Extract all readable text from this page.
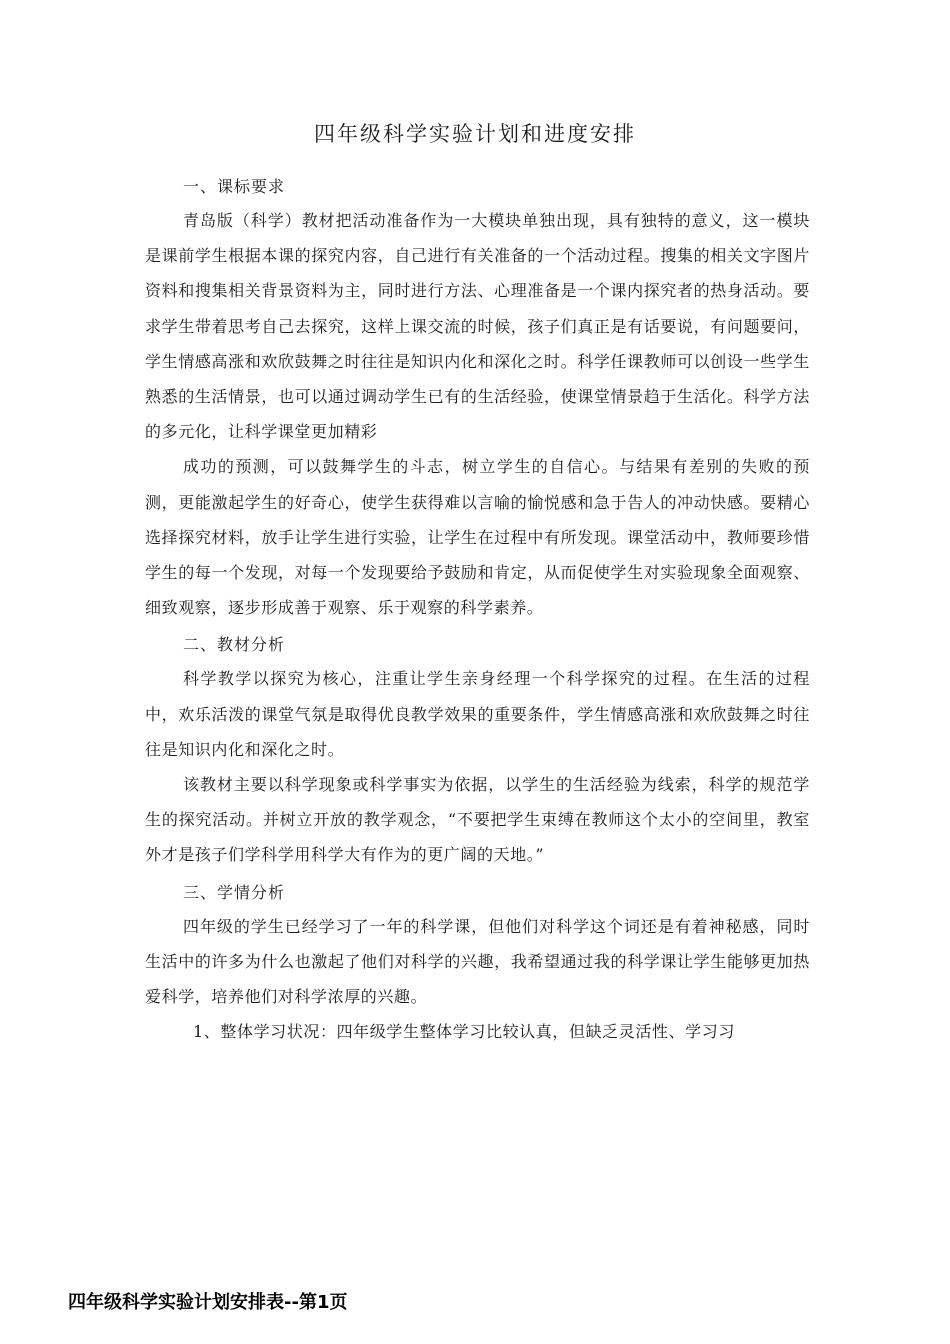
四年级科学实验计划和进度安排

一、课标要求

青岛版（科学）教材把活动准备作为一大模块单独出现，具有独特的意义，这一模块是课前学生根据本课的探究内容，自己进行有关准备的一个活动过程。搜集的相关文字图片资料和搜集相关背景资料为主，同时进行方法、心理准备是一个课内探究者的热身活动。要求学生带着思考自己去探究，这样上课交流的时候，孩子们真正是有话要说，有问题要问，学生情感高涨和欢欣鼓舞之时往往是知识内化和深化之时。科学任课教师可以创设一些学生熟悉的生活情景，也可以通过调动学生已有的生活经验，使课堂情景趋于生活化。科学方法的多元化，让科学课堂更加精彩

成功的预测，可以鼓舞学生的斗志，树立学生的自信心。与结果有差别的失败的预测，更能激起学生的好奇心，使学生获得难以言喻的愉悦感和急于告人的冲动快感。要精心选择探究材料，放手让学生进行实验，让学生在过程中有所发现。课堂活动中，教师要珍惜学生的每一个发现，对每一个发现要给予鼓励和肯定，从而促使学生对实验现象全面观察、细致观察，逐步形成善于观察、乐于观察的科学素养。

二、教材分析

科学教学以探究为核心，注重让学生亲身经理一个科学探究的过程。在生活的过程中，欢乐活泼的课堂气氛是取得优良教学效果的重要条件，学生情感高涨和欢欣鼓舞之时往往是知识内化和深化之时。

该教材主要以科学现象或科学事实为依据，以学生的生活经验为线索，科学的规范学生的探究活动。并树立开放的教学观念，“不要把学生束缚在教师这个太小的空间里，教室外才是孩子们学科学用科学大有作为的更广阔的天地。”

三、学情分析

四年级的学生已经学习了一年的科学课，但他们对科学这个词还是有着神秘感，同时生活中的许多为什么也激起了他们对科学的兴趣，我希望通过我的科学课让学生能够更加热爱科学，培养他们对科学浓厚的兴趣。

1、整体学习状况：四年级学生整体学习比较认真，但缺乏灵活性、学习习

四年级科学实验计划安排表--第1页
